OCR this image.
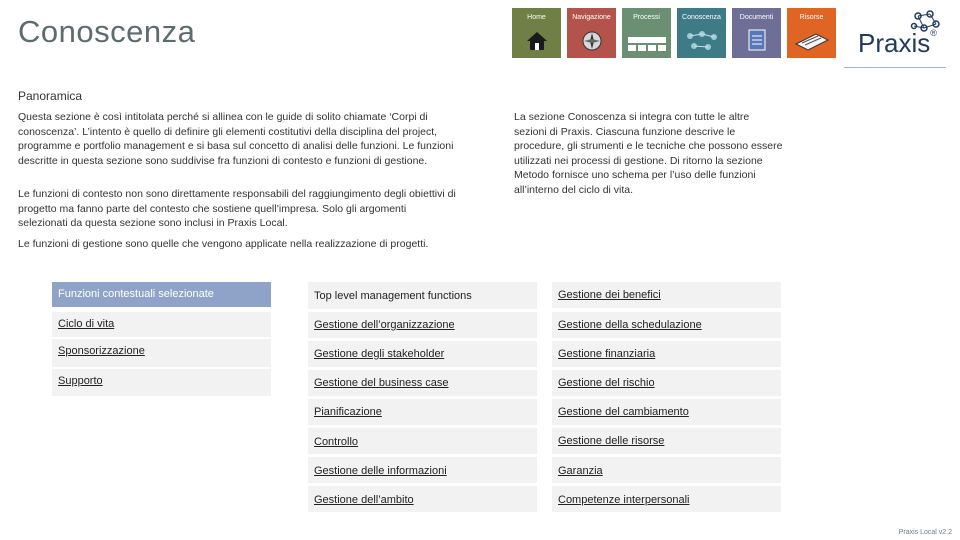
Conoscenza	Home	Navigazione	Processi	Conoscenza	Documenti	Risorse
Praxis®
Panoramica
Questa sezione è così intitolata perché si allinea con le guide di solito chiamate ‘Corpi di conoscenza’. L’intento è quello di definire gli elementi costitutivi della disciplina del project, programme e portfolio management e si basa sul concetto di analisi delle funzioni. Le funzioni descritte in questa sezione sono suddivise fra funzioni di contesto e funzioni di gestione.
Le funzioni di contesto non sono direttamente responsabili del raggiungimento degli obiettivi di progetto ma fanno parte del contesto che sostiene quell’impresa. Solo gli argomenti selezionati da questa sezione sono inclusi in Praxis Local.
Le funzioni di gestione sono quelle che vengono applicate nella realizzazione di progetti.
La sezione Conoscenza si integra con tutte le altre sezioni di Praxis. Ciascuna funzione descrive le procedure, gli strumenti e le tecniche che possono essere utilizzati nei processi di gestione. Di ritorno la sezione Metodo fornisce uno schema per l’uso delle funzioni all’interno del ciclo di vita.
Funzioni contestuali selezionate
Ciclo di vita
Sponsorizzazione
Supporto
Top level management functions
Gestione dell’organizzazione
Gestione degli stakeholder
Gestione del business case
Pianificazione
Controllo
Gestione delle informazioni
Gestione dell’ambito
Gestione dei benefici
Gestione della schedulazione
Gestione finanziaria
Gestione del rischio
Gestione del cambiamento
Gestione delle risorse
Garanzia
Competenze interpersonali
Praxis Local v2.2
